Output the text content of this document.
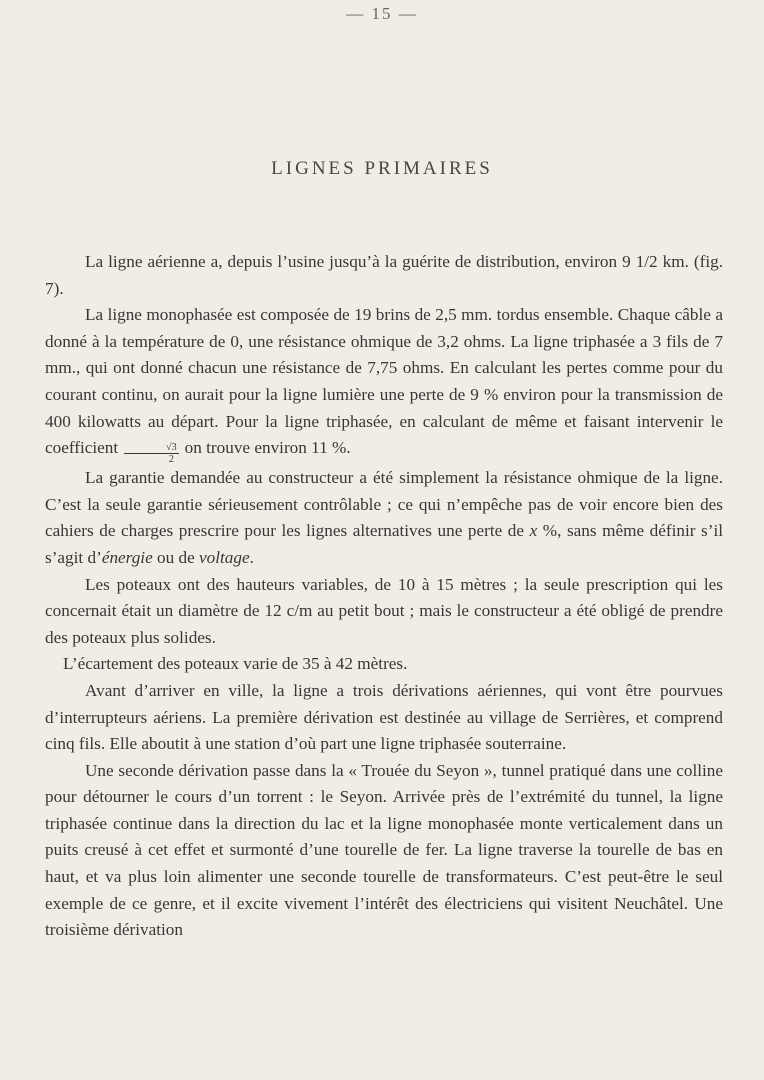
— 15 —
LIGNES PRIMAIRES

La ligne aérienne a, depuis l’usine jusqu’à la guérite de distribution, environ 9 1/2 km. (fig. 7).

La ligne monophasée est composée de 19 brins de 2,5 mm. tordus ensemble. Chaque câble a donné à la température de 0, une résistance ohmique de 3,2 ohms. La ligne triphasée a 3 fils de 7 mm., qui ont donné chacun une résistance de 7,75 ohms. En calculant les pertes comme pour du courant continu, on aurait pour la ligne lumière une perte de 9 % environ pour la transmission de 400 kilowatts au départ. Pour la ligne triphasée, en calculant de même et faisant intervenir le coefficient $\frac{√3}{2}$ on trouve environ 11 %.

La garantie demandée au constructeur a été simplement la résistance ohmique de la ligne. C’est la seule garantie sérieusement contrôlable ; ce qui n’empêche pas de voir encore bien des cahiers de charges prescrire pour les lignes alternatives une perte de x %, sans même définir s’il s’agit d’énergie ou de voltage.

Les poteaux ont des hauteurs variables, de 10 à 15 mètres ; la seule prescription qui les concernait était un diamètre de 12 c/m au petit bout ; mais le constructeur a été obligé de prendre des poteaux plus solides.

L’écartement des poteaux varie de 35 à 42 mètres.

Avant d’arriver en ville, la ligne a trois dérivations aériennes, qui vont être pourvues d’interrupteurs aériens. La première dérivation est destinée au village de Serrières, et comprend cinq fils. Elle aboutit à une station d’où part une ligne triphasée souterraine.

Une seconde dérivation passe dans la « Trouée du Seyon », tunnel pratiqué dans une colline pour détourner le cours d’un torrent : le Seyon. Arrivée près de l’extrémité du tunnel, la ligne triphasée continue dans la direction du lac et la ligne monophasée monte verticalement dans un puits creusé à cet effet et surmonté d’une tourelle de fer. La ligne traverse la tourelle de bas en haut, et va plus loin alimenter une seconde tourelle de transformateurs. C’est peut-être le seul exemple de ce genre, et il excite vivement l’intérêt des électriciens qui visitent Neuchâtel. Une troisième dérivation
